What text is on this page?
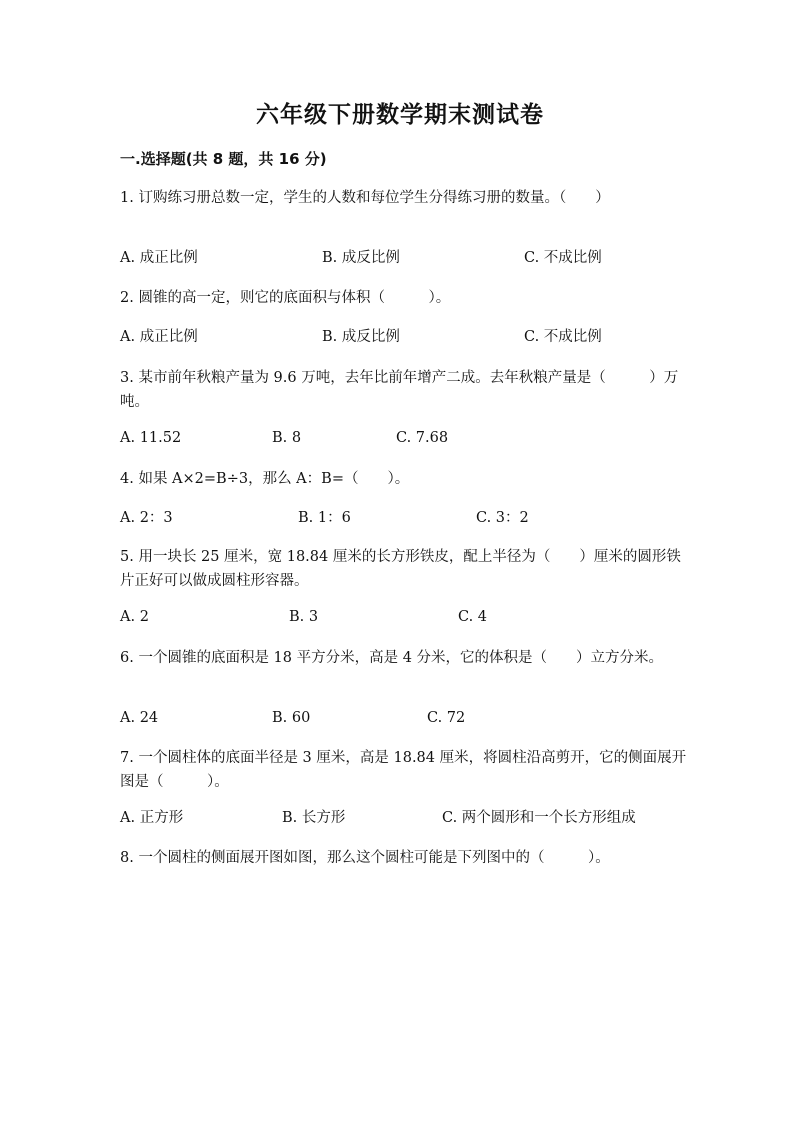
六年级下册数学期末测试卷
一.选择题(共 8 题，共 16 分)
1. 订购练习册总数一定，学生的人数和每位学生分得练习册的数量。（　　）
A. 成正比例	B. 成反比例	C. 不成比例
2. 圆锥的高一定，则它的底面积与体积（　　　）。
A. 成正比例	B. 成反比例	C. 不成比例
3. 某市前年秋粮产量为 9.6 万吨，去年比前年增产二成。去年秋粮产量是（　　　）万吨。
A. 11.52	B. 8	C. 7.68
4. 如果 A×2=B÷3，那么 A：B=（　　）。
A. 2：3	B. 1：6	C. 3：2
5. 用一块长 25 厘米，宽 18.84 厘米的长方形铁皮，配上半径为（　　）厘米的圆形铁片正好可以做成圆柱形容器。
A. 2	B. 3	C. 4
6. 一个圆锥的底面积是 18 平方分米，高是 4 分米，它的体积是（　　）立方分米。
A. 24	B. 60	C. 72
7. 一个圆柱体的底面半径是 3 厘米，高是 18.84 厘米，将圆柱沿高剪开，它的侧面展开图是（　　　）。
A. 正方形	B. 长方形	C. 两个圆形和一个长方形组成
8. 一个圆柱的侧面展开图如图，那么这个圆柱可能是下列图中的（　　　）。
